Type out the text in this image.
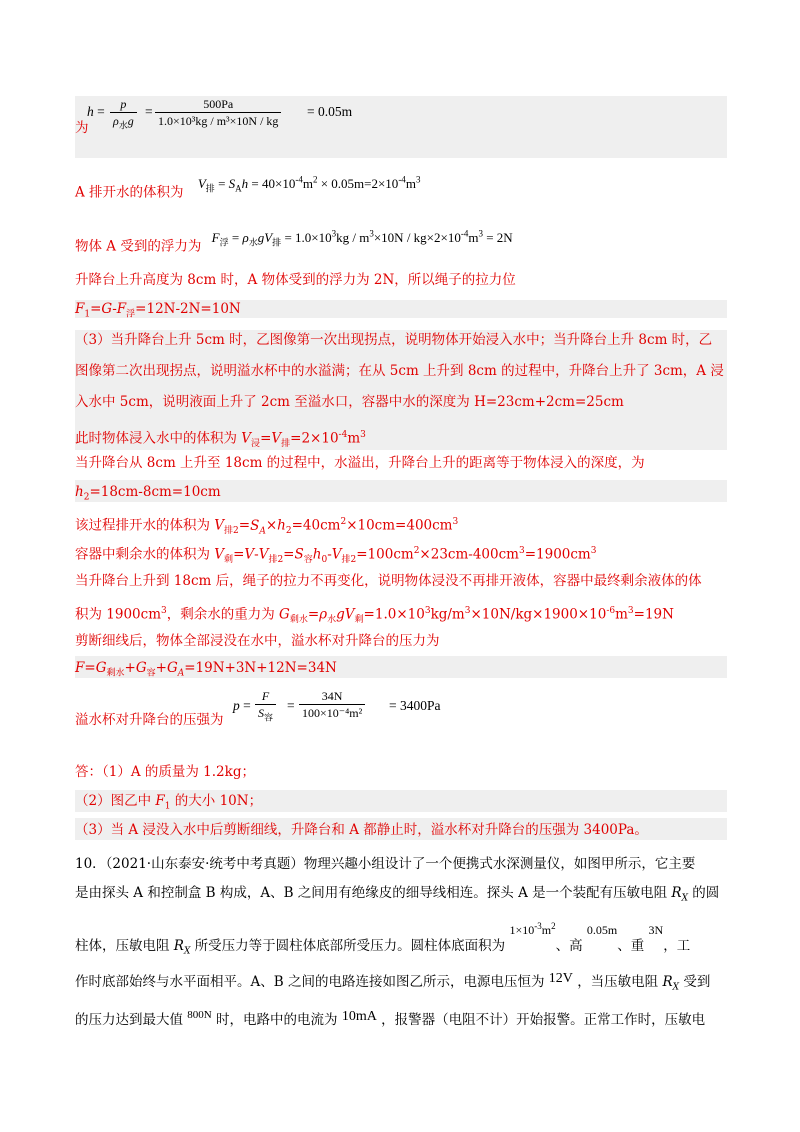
h =	p
$\rho_水g$
= $\frac{500Pa}{\text{1.0×10³kg / m³×10N / kg}} = 0.05m$
为
A 排开水的体积为 $V_排 = S_Ah = 40\times 10^{-4}m^2 \times 0.05m=2\times 10^{-4}m^3$
物体 A 受到的浮力为 $F_浮 = \rho_水gV_排 = 1.0\times 10^3kg / m^3\times 10N / kg\times 2\times 10^{-4}m^3 = 2N$
升降台上升高度为 8cm 时，A 物体受到的浮力为 2N，所以绳子的拉力位
$F_1=G-F_浮=12N-2N=10N$
（3）当升降台上升 5cm 时，乙图像第一次出现拐点，说明物体开始浸入水中；当升降台上升 8cm 时，乙
图像第二次出现拐点，说明溢水杯中的水溢满；在从 5cm 上升到 8cm 的过程中，升降台上升了 3cm，A 浸
入水中 5cm，说明液面上升了 2cm 至溢水口，容器中水的深度为 H=23cm+2cm=25cm
此时物体浸入水中的体积为 $V_浸=V_排=2\times 10^{-4}m^3$
当升降台从 8cm 上升至 18cm 的过程中，水溢出，升降台上升的距离等于物体浸入的深度，为
$h_2=18cm-8cm=10cm$
该过程排开水的体积为 $V_{排2}=S_A\times h_2=40cm^2\times 10cm=400cm^3$
容器中剩余水的体积为 $V_剩=V-V_{排2}=S_容h_0-V_{排2}=100cm^2\times 23cm-400cm^3=1900cm^3$
当升降台上升到 18cm 后，绳子的拉力不再变化，说明物体浸没不再排开液体，容器中最终剩余液体的体
积为 $1900cm^3$，剩余水的重力为 $G_{剩水}=\rho_水gV_剩=1.0\times 10^3kg/m^3\times 10N/kg\times 1900\times 10^{-6}m^3=19N$
剪断细线后，物体全部浸没在水中，溢水杯对升降台的压力为
$F=G_{剩水}+G_容+G_A=19N+3N+12N=34N$
溢水杯对升降台的压强为
p =
F
$S_容$
= $\frac{34N}{\text{100×10⁻⁴m²}} = 3400Pa$
答：（1）A 的质量为 1.2kg；
（2）图乙中 $F_1$ 的大小 10N；
（3）当 A 浸没入水中后剪断细线，升降台和 A 都静止时，溢水杯对升降台的压强为 3400Pa。
10．（2021·山东泰安·统考中考真题）物理兴趣小组设计了一个便携式水深测量仪，如图甲所示，它主要
是由探头 A 和控制盒 B 构成，A、B 之间用有绝缘皮的细导线相连。探头 A 是一个装配有压敏电阻 $R_X$ 的圆
柱体，压敏电阻 $R_X$ 所受压力等于圆柱体底部所受压力。圆柱体底面积为 $1\times 10^{-3}m^2$、高 0.05m、重 3N，工
作时底部始终与水平面相平。A、B 之间的电路连接如图乙所示，电源电压恒为 12V ，当压敏电阻 $R_X$ 受到
的压力达到最大值 $^{800N}$ 时，电路中的电流为 10mA ，报警器（电阻不计）开始报警。正常工作时，压敏电
